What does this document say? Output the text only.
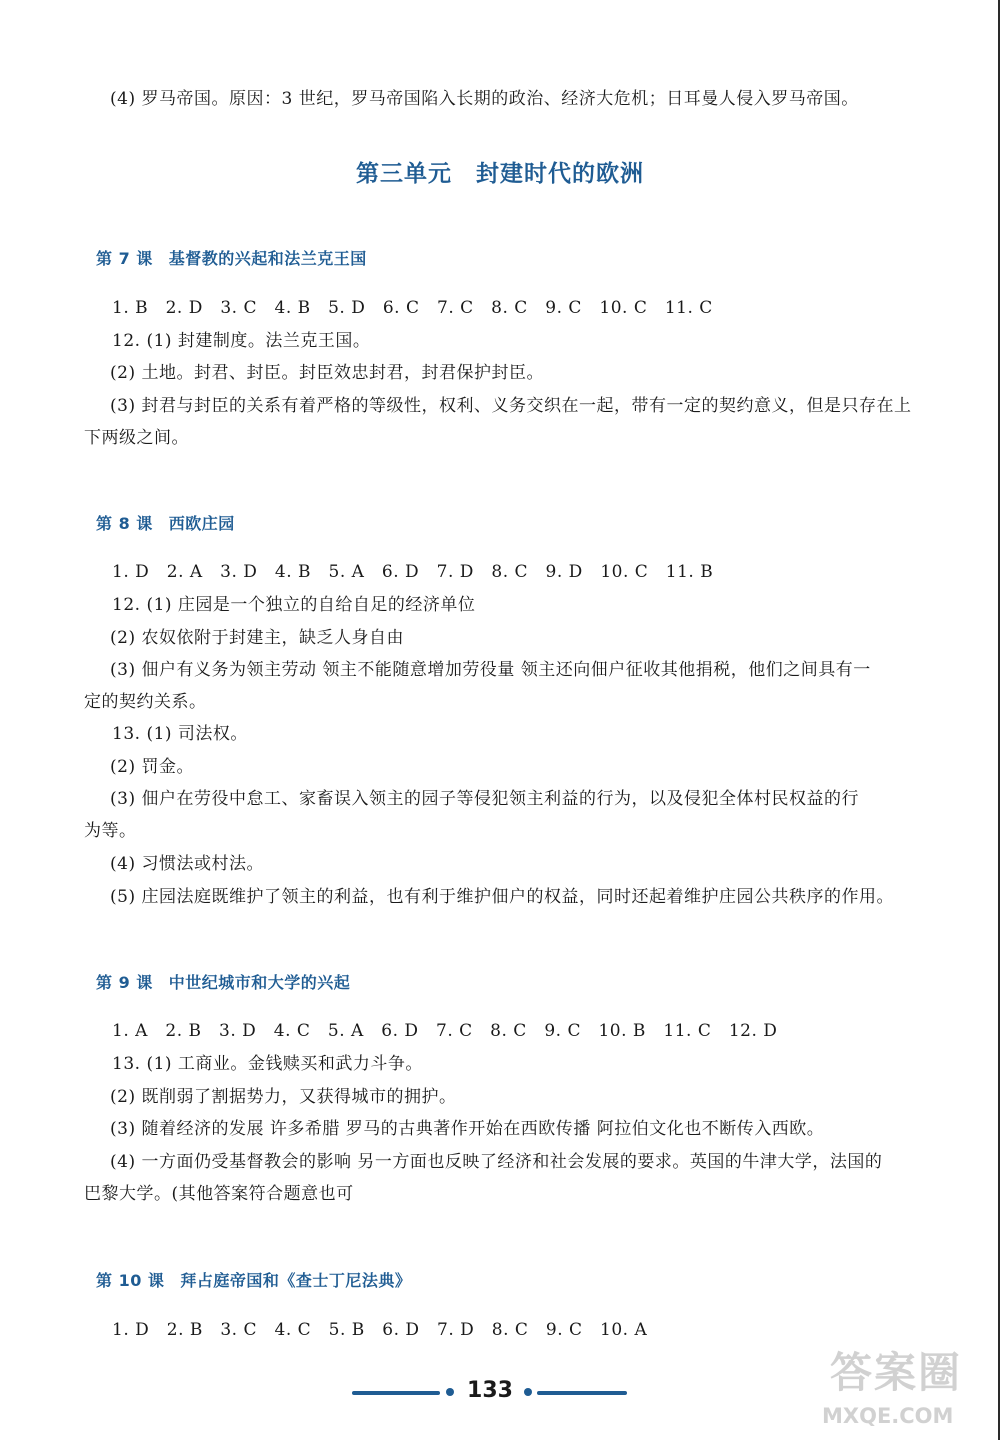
(4) 罗马帝国。原因：3 世纪，罗马帝国陷入长期的政治、经济大危机；日耳曼人侵入罗马帝国。
第三单元　封建时代的欧洲
第 7 课 基督教的兴起和法兰克王国
1. B　2. D　3. C　4. B　5. D　6. C　7. C　8. C　9. C　10. C　11. C
12. (1) 封建制度。法兰克王国。
(2) 土地。封君、封臣。封臣效忠封君，封君保护封臣。
(3) 封君与封臣的关系有着严格的等级性，权利、义务交织在一起，带有一定的契约意义，但是只存在上
下两级之间。
第 8 课 西欧庄园
1. D　2. A　3. D　4. B　5. A　6. D　7. D　8. C　9. D　10. C　11. B
12. (1) 庄园是一个独立的自给自足的经济单位
(2) 农奴依附于封建主，缺乏人身自由
(3) 佃户有义务为领主劳动 领主不能随意增加劳役量 领主还向佃户征收其他捐税，他们之间具有一
定的契约关系。
13. (1) 司法权。
(2) 罚金。
(3) 佃户在劳役中怠工、家畜误入领主的园子等侵犯领主利益的行为，以及侵犯全体村民权益的行
为等。
(4) 习惯法或村法。
(5) 庄园法庭既维护了领主的利益，也有利于维护佃户的权益，同时还起着维护庄园公共秩序的作用。
第 9 课 中世纪城市和大学的兴起
1. A　2. B　3. D　4. C　5. A　6. D　7. C　8. C　9. C　10. B　11. C　12. D
13. (1) 工商业。金钱赎买和武力斗争。
(2) 既削弱了割据势力，又获得城市的拥护。
(3) 随着经济的发展 许多希腊 罗马的古典著作开始在西欧传播 阿拉伯文化也不断传入西欧。
(4) 一方面仍受基督教会的影响 另一方面也反映了经济和社会发展的要求。英国的牛津大学，法国的
巴黎大学。(其他答案符合题意也可
第 10 课 拜占庭帝国和《查士丁尼法典》
1. D　2. B　3. C　4. C　5. B　6. D　7. D　8. C　9. C　10. A
133	答案圈
MXQE.COM
